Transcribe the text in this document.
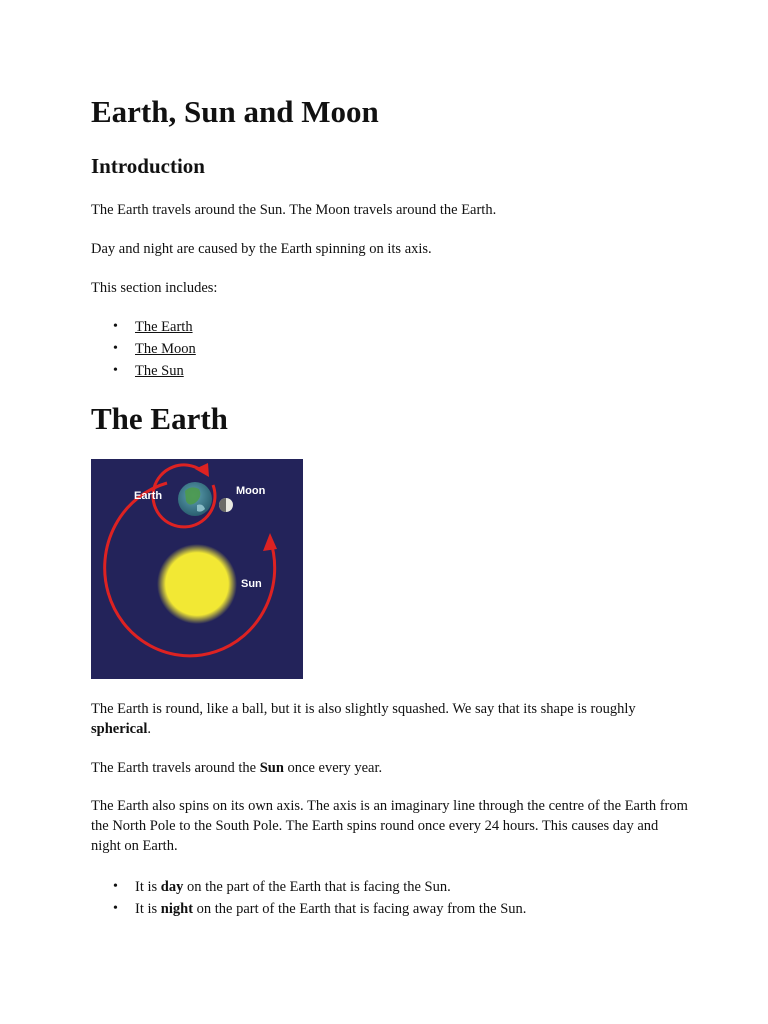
Earth, Sun and Moon
Introduction

The Earth travels around the Sun. The Moon travels around the Earth.

Day and night are caused by the Earth spinning on its axis.

This section includes:

• The Earth
• The Moon
• The Sun
The Earth
Earth	Moon
Sun

The Earth is round, like a ball, but it is also slightly squashed. We say that its shape is roughly spherical.

The Earth travels around the Sun once every year.

The Earth also spins on its own axis. The axis is an imaginary line through the centre of the Earth from the North Pole to the South Pole. The Earth spins round once every 24 hours. This causes day and night on Earth.

• It is day on the part of the Earth that is facing the Sun.
• It is night on the part of the Earth that is facing away from the Sun.
